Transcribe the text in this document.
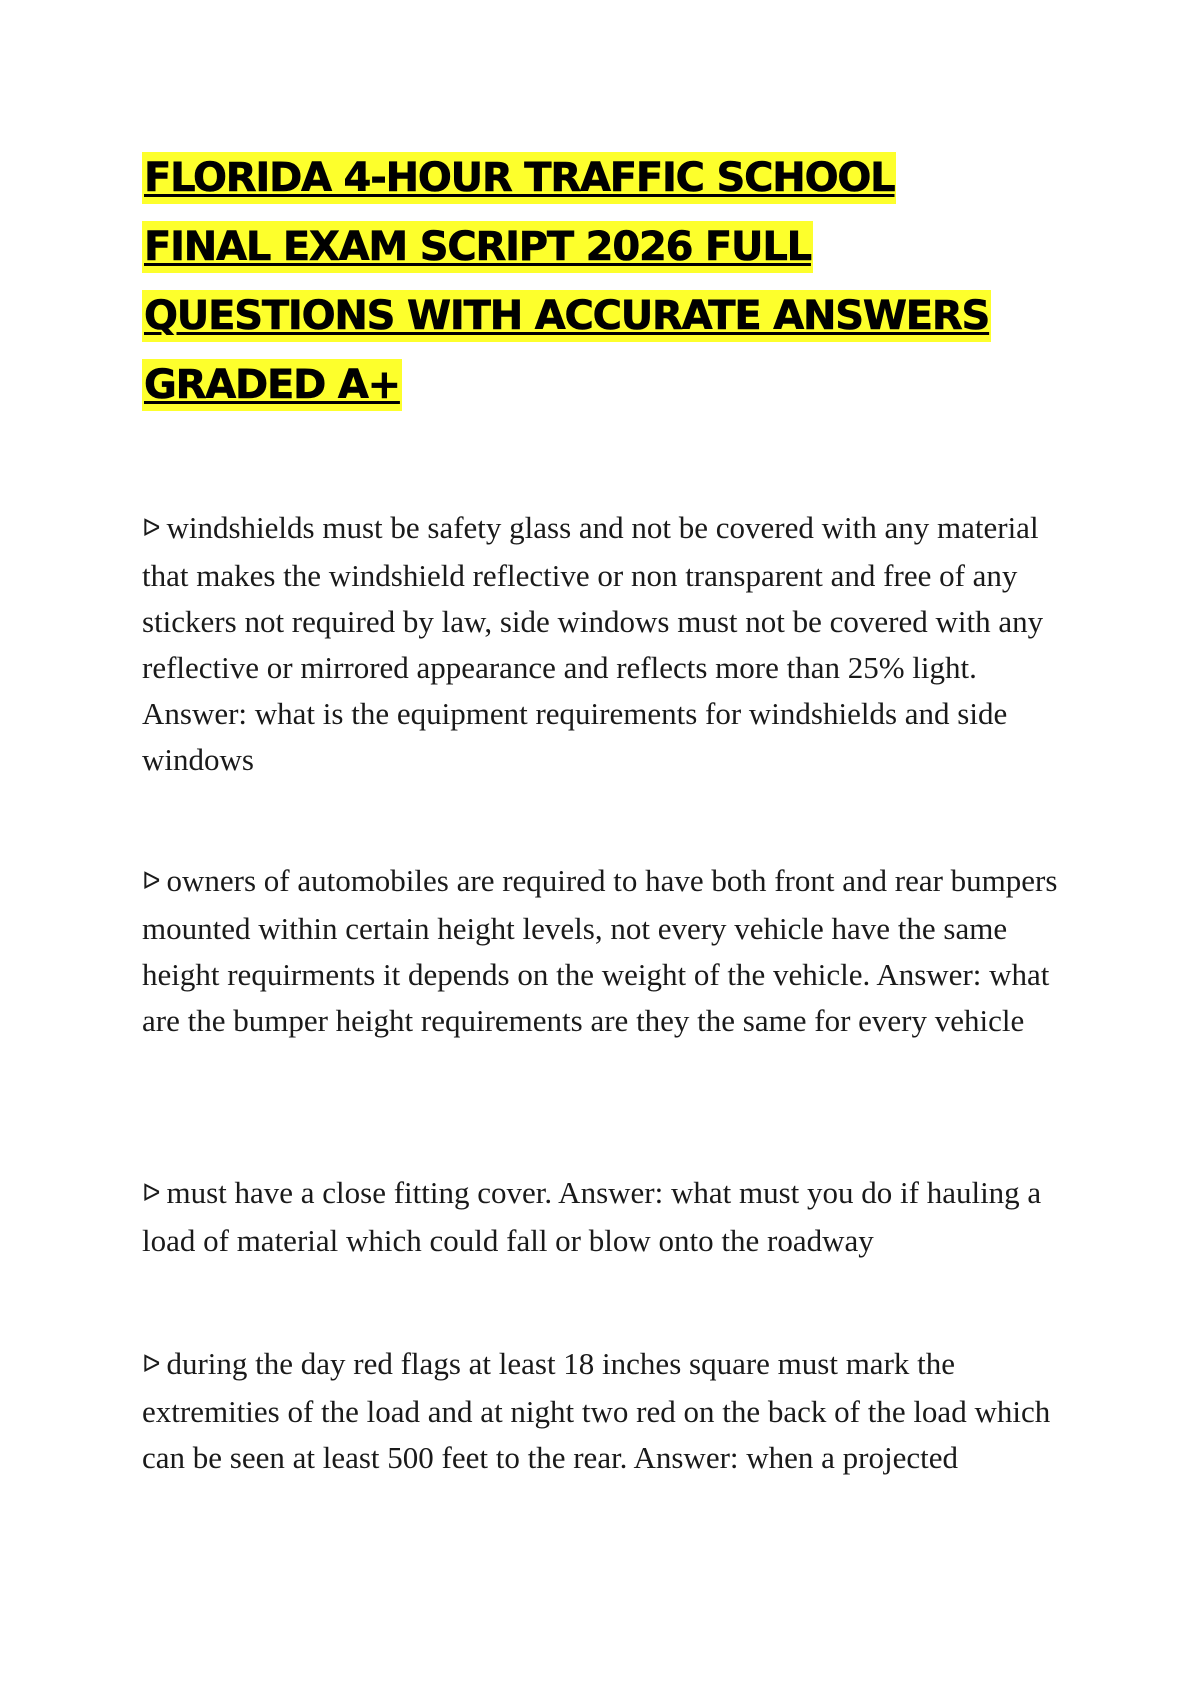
FLORIDA 4-HOUR TRAFFIC SCHOOL
FINAL EXAM SCRIPT 2026 FULL
QUESTIONS WITH ACCURATE ANSWERS
GRADED A+

ᐅ windshields must be safety glass and not be covered with any material that makes the windshield reflective or non transparent and free of any stickers not required by law, side windows must not be covered with any reflective or mirrored appearance and reflects more than 25% light. Answer: what is the equipment requirements for windshields and side windows

ᐅ owners of automobiles are required to have both front and rear bumpers mounted within certain height levels, not every vehicle have the same height requirments it depends on the weight of the vehicle. Answer: what are the bumper height requirements are they the same for every vehicle

ᐅ must have a close fitting cover. Answer: what must you do if hauling a load of material which could fall or blow onto the roadway

ᐅ during the day red flags at least 18 inches square must mark the extremities of the load and at night two red on the back of the load which can be seen at least 500 feet to the rear. Answer: when a projected
